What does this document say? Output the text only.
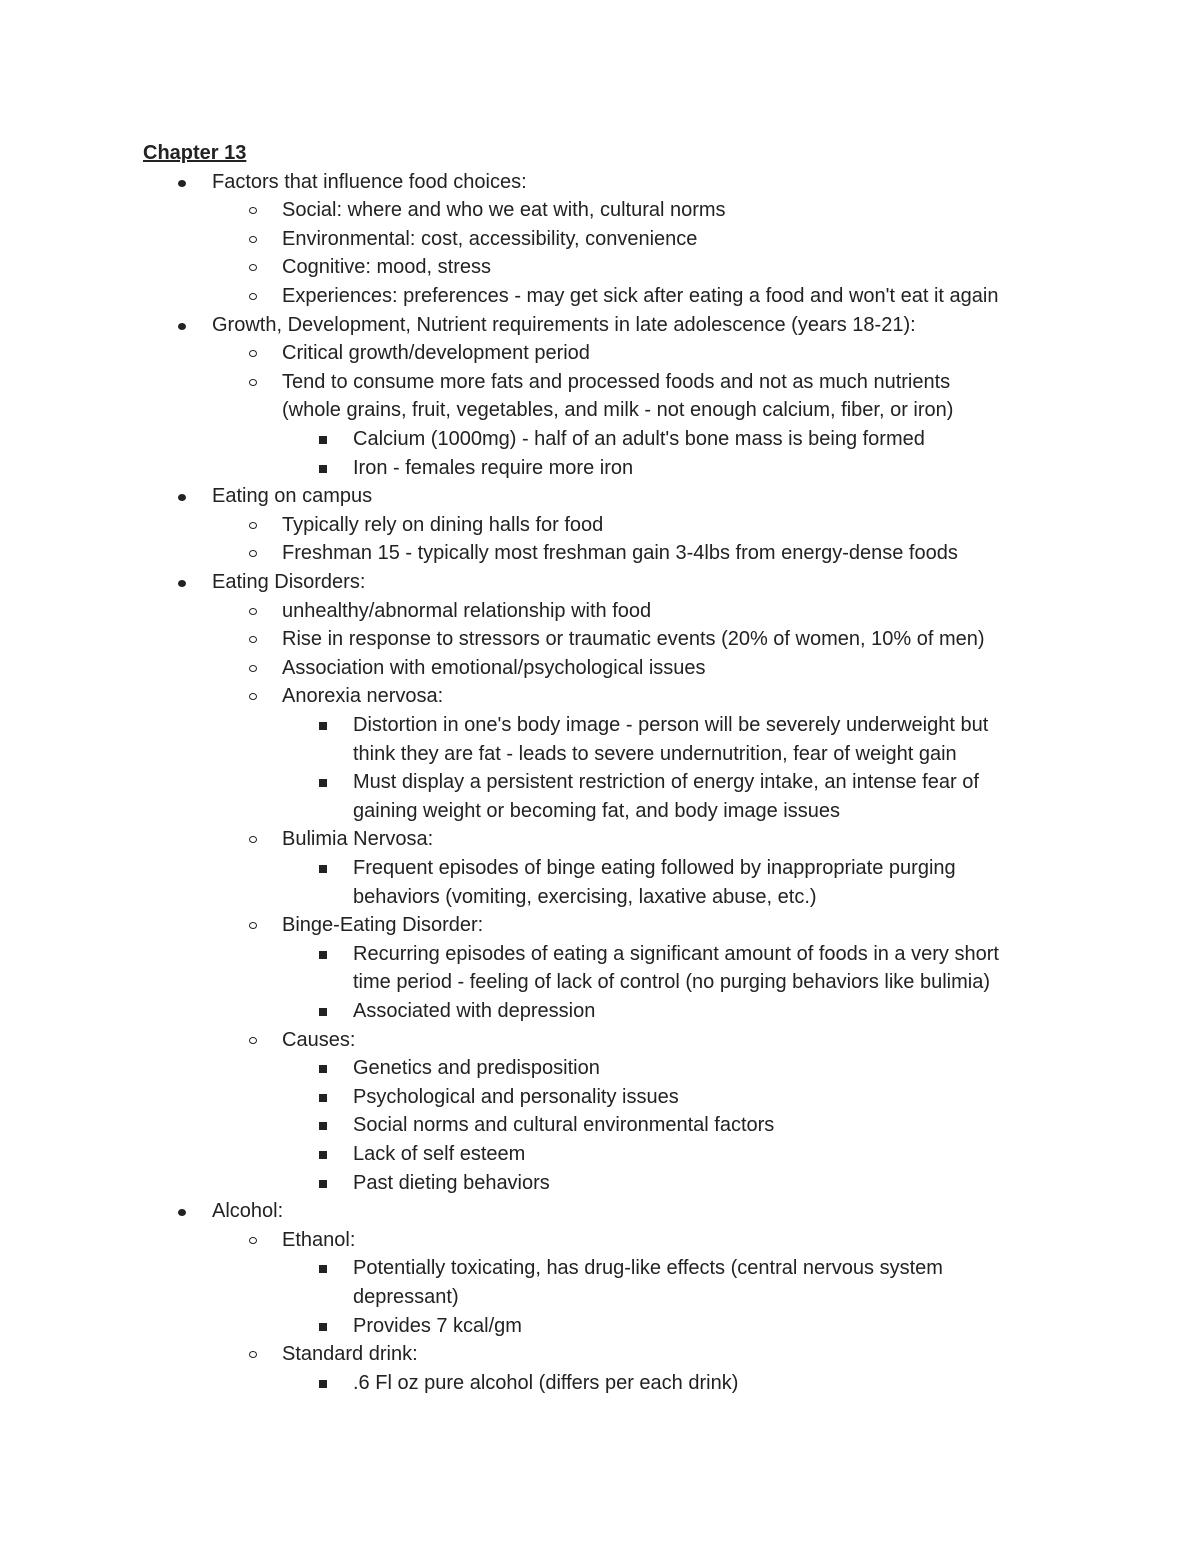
Chapter 13
Factors that influence food choices:
Social: where and who we eat with, cultural norms
Environmental: cost, accessibility, convenience
Cognitive: mood, stress
Experiences: preferences - may get sick after eating a food and won't eat it again
Growth, Development, Nutrient requirements in late adolescence (years 18-21):
Critical growth/development period
Tend to consume more fats and processed foods and not as much nutrients
(whole grains, fruit, vegetables, and milk - not enough calcium, fiber, or iron)
Calcium (1000mg) - half of an adult's bone mass is being formed
Iron - females require more iron
Eating on campus
Typically rely on dining halls for food
Freshman 15 - typically most freshman gain 3-4lbs from energy-dense foods
Eating Disorders:
unhealthy/abnormal relationship with food
Rise in response to stressors or traumatic events (20% of women, 10% of men)
Association with emotional/psychological issues
Anorexia nervosa:
Distortion in one's body image - person will be severely underweight but
think they are fat - leads to severe undernutrition, fear of weight gain
Must display a persistent restriction of energy intake, an intense fear of
gaining weight or becoming fat, and body image issues
Bulimia Nervosa:
Frequent episodes of binge eating followed by inappropriate purging
behaviors (vomiting, exercising, laxative abuse, etc.)
Binge-Eating Disorder:
Recurring episodes of eating a significant amount of foods in a very short
time period - feeling of lack of control (no purging behaviors like bulimia)
Associated with depression
Causes:
Genetics and predisposition
Psychological and personality issues
Social norms and cultural environmental factors
Lack of self esteem
Past dieting behaviors
Alcohol:
Ethanol:
Potentially toxicating, has drug-like effects (central nervous system
depressant)
Provides 7 kcal/gm
Standard drink:
.6 Fl oz pure alcohol (differs per each drink)
